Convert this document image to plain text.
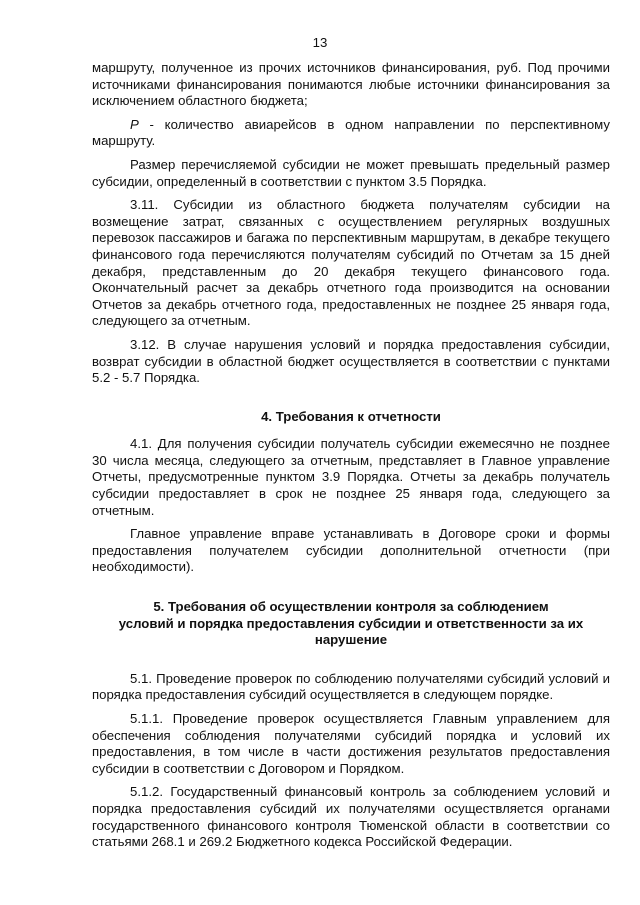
13

маршруту, полученное из прочих источников финансирования, руб. Под прочими источниками финансирования понимаются любые источники финансирования за исключением областного бюджета;

Р - количество авиарейсов в одном направлении по перспективному маршруту.

Размер перечисляемой субсидии не может превышать предельный размер субсидии, определенный в соответствии с пунктом 3.5 Порядка.

3.11. Субсидии из областного бюджета получателям субсидии на возмещение затрат, связанных с осуществлением регулярных воздушных перевозок пассажиров и багажа по перспективным маршрутам, в декабре текущего финансового года перечисляются получателям субсидий по Отчетам за 15 дней декабря, представленным до 20 декабря текущего финансового года. Окончательный расчет за декабрь отчетного года производится на основании Отчетов за декабрь отчетного года, предоставленных не позднее 25 января года, следующего за отчетным.

3.12. В случае нарушения условий и порядка предоставления субсидии, возврат субсидии в областной бюджет осуществляется в соответствии с пунктами 5.2 - 5.7 Порядка.

4. Требования к отчетности

4.1. Для получения субсидии получатель субсидии ежемесячно не позднее 30 числа месяца, следующего за отчетным, представляет в Главное управление Отчеты, предусмотренные пунктом 3.9 Порядка. Отчеты за декабрь получатель субсидии предоставляет в срок не позднее 25 января года, следующего за отчетным.

Главное управление вправе устанавливать в Договоре сроки и формы предоставления получателем субсидии дополнительной отчетности (при необходимости).

5. Требования об осуществлении контроля за соблюдением
условий и порядка предоставления субсидии и ответственности за их
нарушение

5.1. Проведение проверок по соблюдению получателями субсидий условий и порядка предоставления субсидий осуществляется в следующем порядке.

5.1.1. Проведение проверок осуществляется Главным управлением для обеспечения соблюдения получателями субсидий порядка и условий их предоставления, в том числе в части достижения результатов предоставления субсидии в соответствии с Договором и Порядком.

5.1.2. Государственный финансовый контроль за соблюдением условий и порядка предоставления субсидий их получателями осуществляется органами государственного финансового контроля Тюменской области в соответствии со статьями 268.1 и 269.2 Бюджетного кодекса Российской Федерации.
